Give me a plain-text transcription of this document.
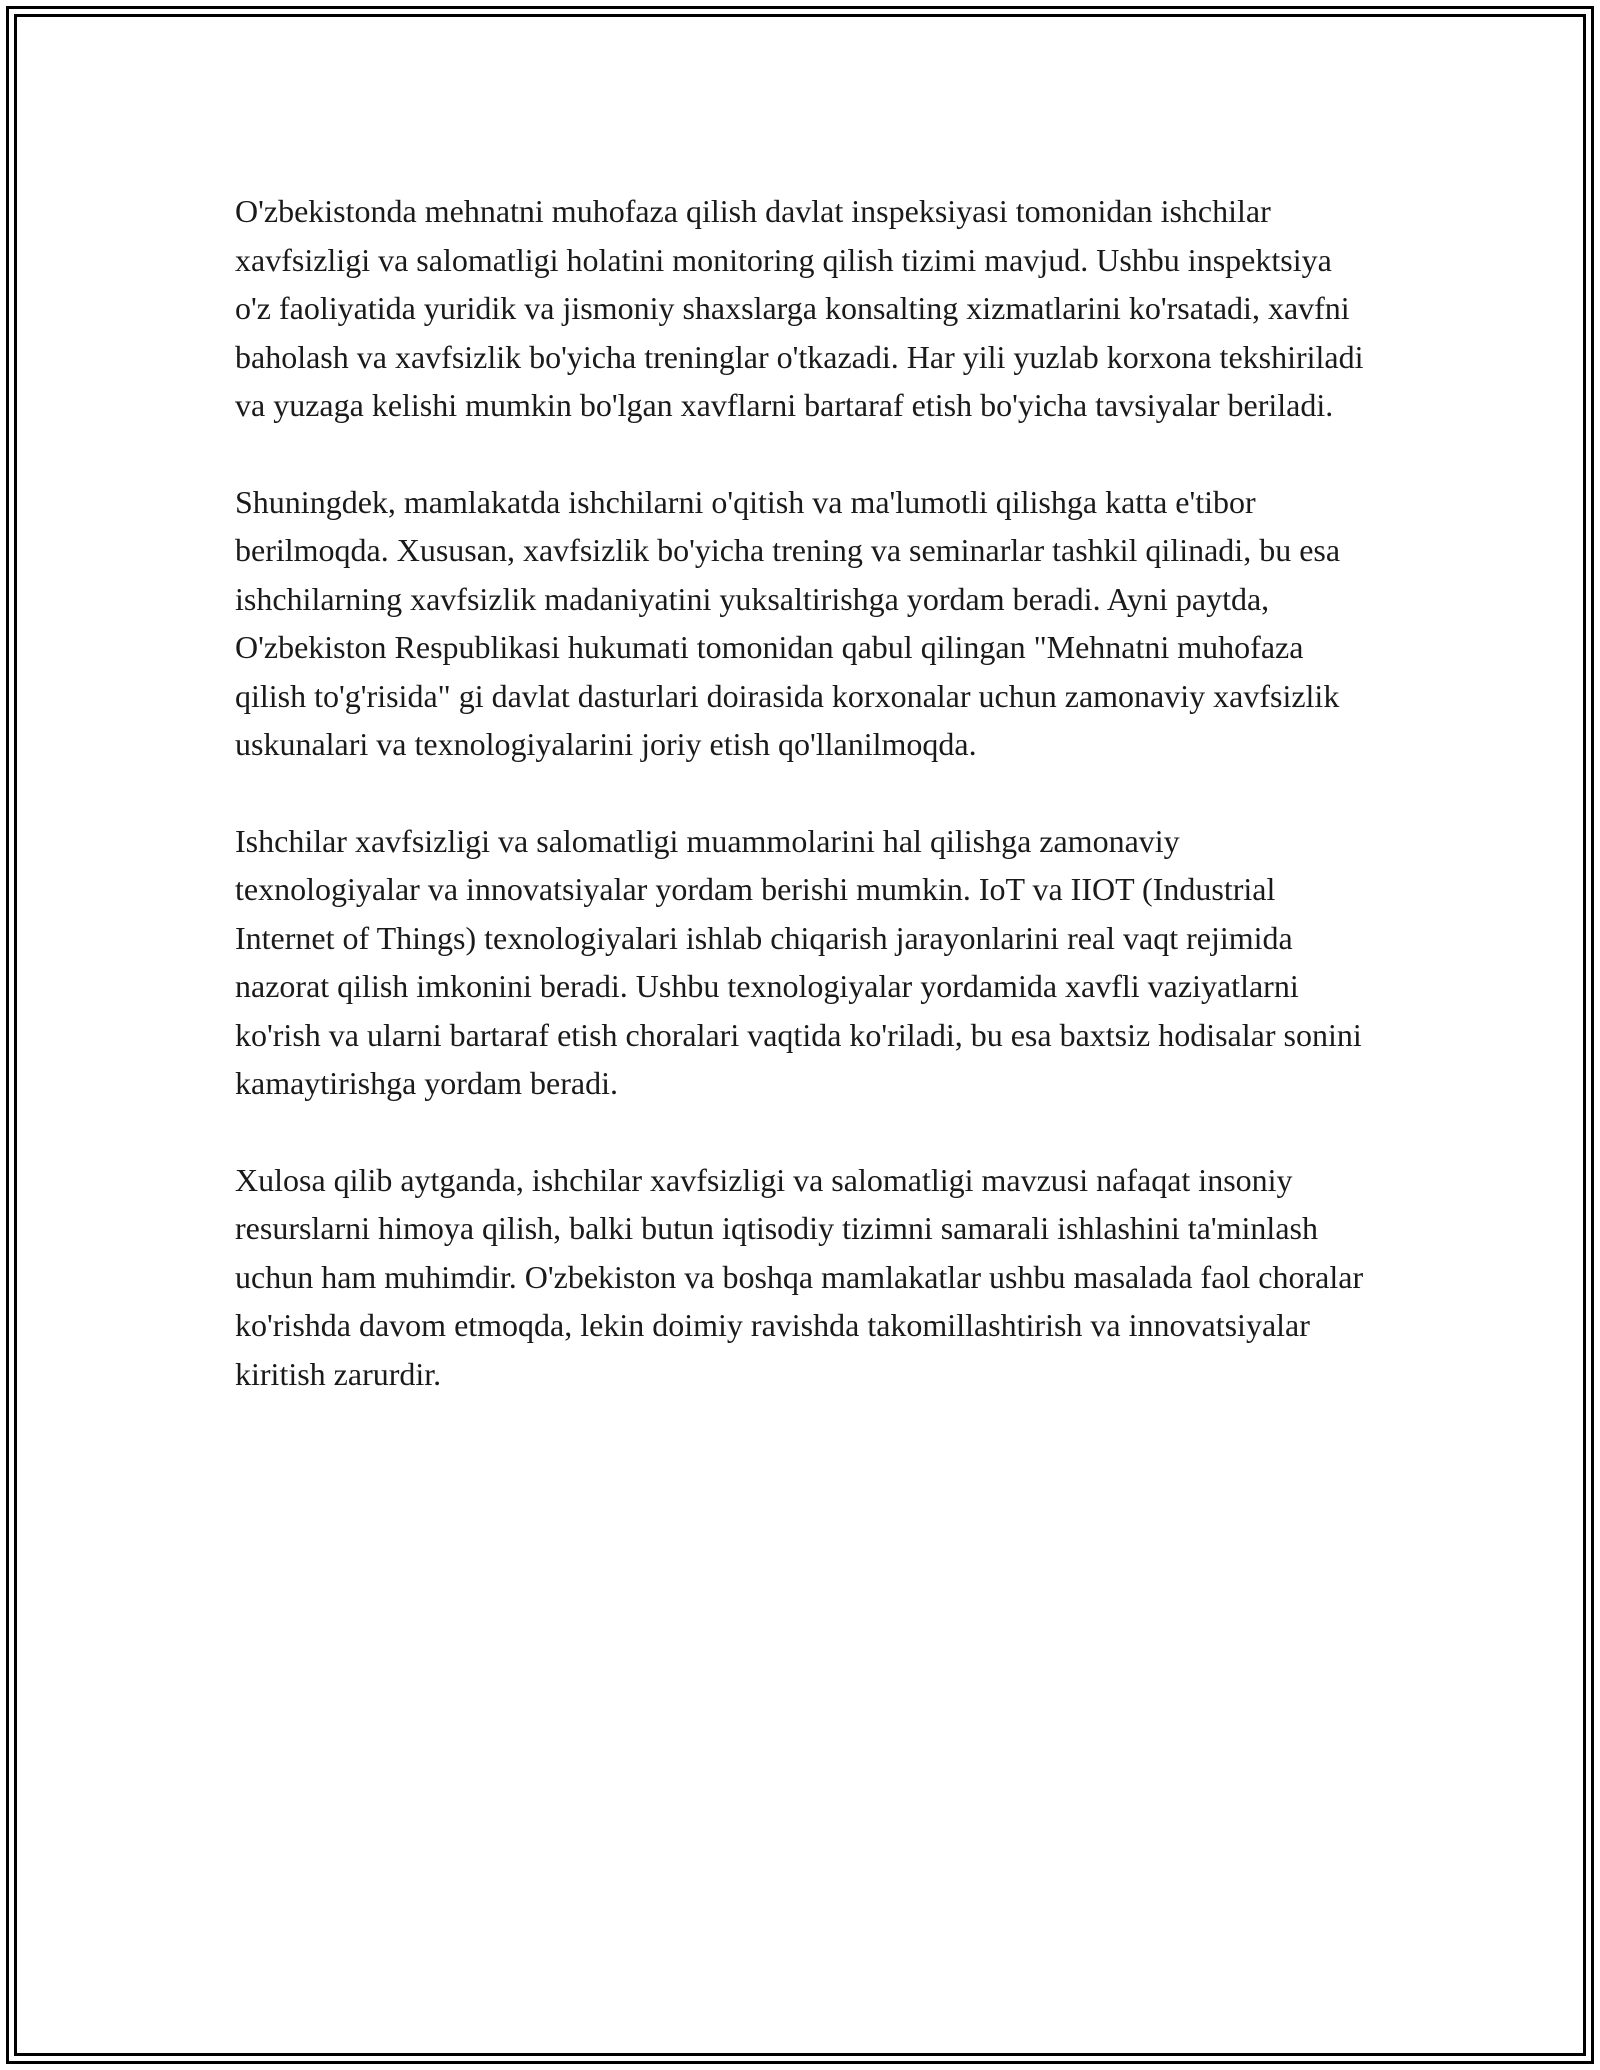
O'zbekistonda mehnatni muhofaza qilish davlat inspeksiyasi tomonidan ishchilar xavfsizligi va salomatligi holatini monitoring qilish tizimi mavjud. Ushbu inspektsiya o'z faoliyatida yuridik va jismoniy shaxslarga konsalting xizmatlarini ko'rsatadi, xavfni baholash va xavfsizlik bo'yicha treninglar o'tkazadi. Har yili yuzlab korxona tekshiriladi va yuzaga kelishi mumkin bo'lgan xavflarni bartaraf etish bo'yicha tavsiyalar beriladi.

Shuningdek, mamlakatda ishchilarni o'qitish va ma'lumotli qilishga katta e'tibor berilmoqda. Xususan, xavfsizlik bo'yicha trening va seminarlar tashkil qilinadi, bu esa ishchilarning xavfsizlik madaniyatini yuksaltirishga yordam beradi. Ayni paytda, O'zbekiston Respublikasi hukumati tomonidan qabul qilingan "Mehnatni muhofaza qilish to'g'risida" gi davlat dasturlari doirasida korxonalar uchun zamonaviy xavfsizlik uskunalari va texnologiyalarini joriy etish qo'llanilmoqda.

Ishchilar xavfsizligi va salomatligi muammolarini hal qilishga zamonaviy texnologiyalar va innovatsiyalar yordam berishi mumkin. IoT va IIOT (Industrial Internet of Things) texnologiyalari ishlab chiqarish jarayonlarini real vaqt rejimida nazorat qilish imkonini beradi. Ushbu texnologiyalar yordamida xavfli vaziyatlarni ko'rish va ularni bartaraf etish choralari vaqtida ko'riladi, bu esa baxtsiz hodisalar sonini kamaytirishga yordam beradi.

Xulosa qilib aytganda, ishchilar xavfsizligi va salomatligi mavzusi nafaqat insoniy resurslarni himoya qilish, balki butun iqtisodiy tizimni samarali ishlashini ta'minlash uchun ham muhimdir. O'zbekiston va boshqa mamlakatlar ushbu masalada faol choralar ko'rishda davom etmoqda, lekin doimiy ravishda takomillashtirish va innovatsiyalar kiritish zarurdir.
